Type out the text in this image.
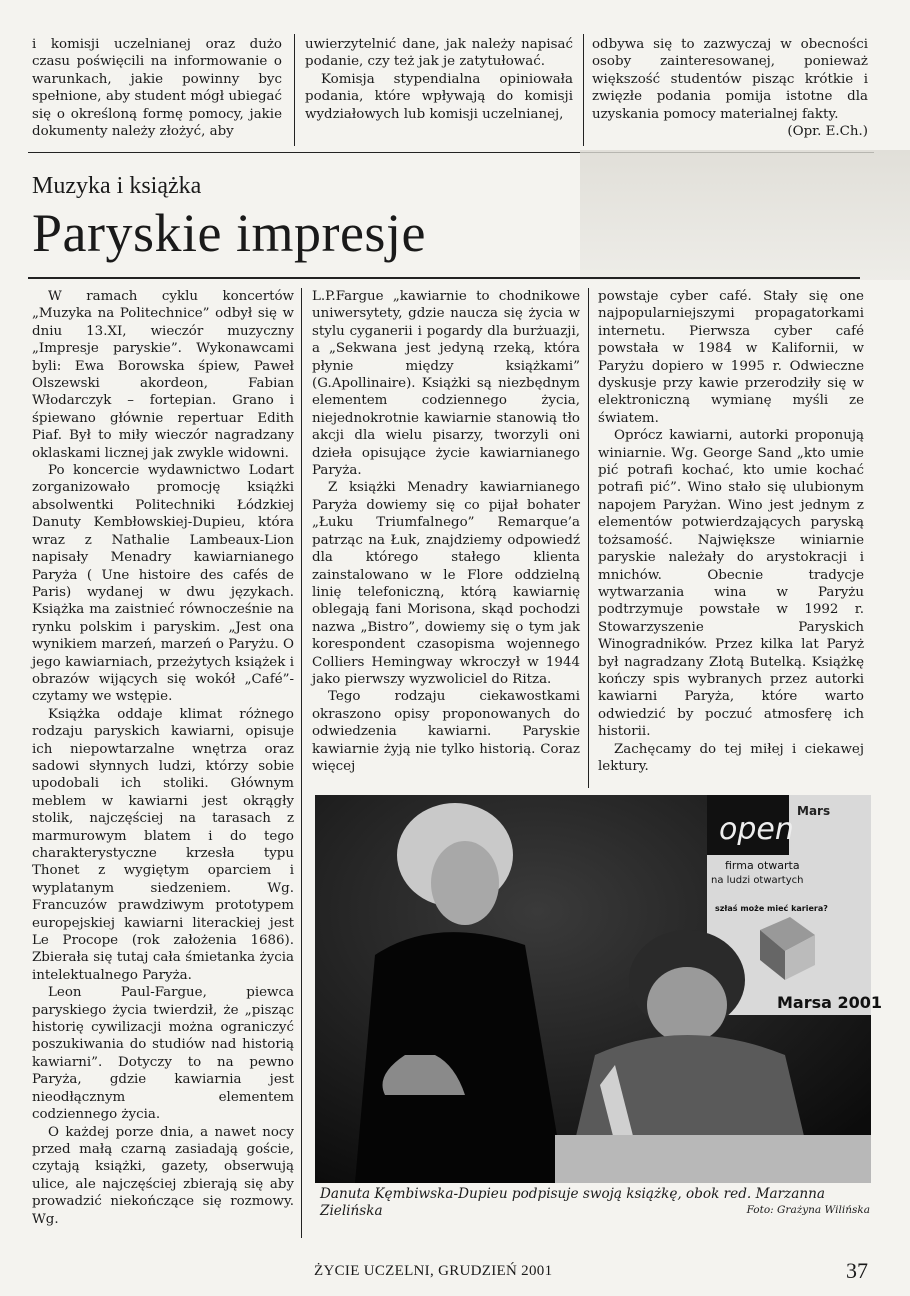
i komisji uczelnianej oraz dużo czasu poświęcili na informowanie o warunkach, jakie powinny byc spełnione, aby student mógł ubiegać się o określoną formę pomocy, jakie dokumenty należy złożyć, aby

uwierzytelnić dane, jak należy napisać podanie, czy też jak je zatytułować.

Komisja stypendialna opiniowała podania, które wpływają do komisji wydziałowych lub komisji uczelnianej,

odbywa się to zazwyczaj w obecności osoby zainteresowanej, ponieważ większość studentów pisząc krótkie i zwięzłe podania pomija istotne dla uzyskania pomocy materialnej fakty.

(Opr. E.Ch.)

Muzyka i książka
Paryskie impresje

W ramach cyklu koncertów „Muzyka na Politechnice” odbył się w dniu 13.XI, wieczór muzyczny „Impresje paryskie”. Wykonawcami byli: Ewa Borowska śpiew, Paweł Olszewski akordeon, Fabian Włodarczyk – fortepian. Grano i śpiewano głównie repertuar Edith Piaf. Był to miły wieczór nagradzany oklaskami licznej jak zwykle widowni.

Po koncercie wydawnictwo Lodart zorganizowało promocję książki absolwentki Politechniki Łódzkiej Danuty Kembłowskiej-Dupieu, która wraz z Nathalie Lambeaux-Lion napisały Menadry kawiarnianego Paryża ( Une histoire des cafés de Paris) wydanej w dwu językach. Książka ma zaistnieć równocześnie na rynku polskim i paryskim. „Jest ona wynikiem marzeń, marzeń o Paryżu. O jego kawiarniach, przeżytych książek i obrazów wijących się wokół „Café”- czytamy we wstępie.

Książka oddaje klimat różnego rodzaju paryskich kawiarni, opisuje ich niepowtarzalne wnętrza oraz sadowi słynnych ludzi, którzy sobie upodobali ich stoliki. Głównym meblem w kawiarni jest okrągły stolik, najczęściej na tarasach z marmurowym blatem i do tego charakterystyczne krzesła typu Thonet z wygiętym oparciem i wyplatanym siedzeniem. Wg. Francuzów prawdziwym prototypem europejskiej kawiarni literackiej jest Le Procope (rok założenia 1686). Zbierała się tutaj cała śmietanka życia intelektualnego Paryża.

Leon Paul-Fargue, piewca paryskiego życia twierdził, że „pisząc historię cywilizacji można ograniczyć poszukiwania do studiów nad historią kawiarni”. Dotyczy to na pewno Paryża, gdzie kawiarnia jest nieodłącznym elementem codziennego życia.

O każdej porze dnia, a nawet nocy przed małą czarną zasiadają goście, czytają książki, gazety, obserwują ulice, ale najczęściej zbierają się aby prowadzić niekończące się rozmowy. Wg.

L.P.Fargue „kawiarnie to chodnikowe uniwersytety, gdzie naucza się życia w stylu cyganerii i pogardy dla burżuazji, a „Sekwana jest jedyną rzeką, która płynie między książkami” (G.Apollinaire). Książki są niezbędnym elementem codziennego życia, niejednokrotnie kawiarnie stanowią tło akcji dla wielu pisarzy, tworzyli oni dzieła opisujące życie kawiarnianego Paryża.

Z książki Menadry kawiarnianego Paryża dowiemy się co pijał bohater „Łuku Triumfalnego” Remarque’a patrząc na Łuk, znajdziemy odpowiedź dla którego stałego klienta zainstalowano w le Flore oddzielną linię telefoniczną, którą kawiarnię oblegają fani Morisona, skąd pochodzi nazwa „Bistro”, dowiemy się o tym jak korespondent czasopisma wojennego Colliers Hemingway wkroczył w 1944 jako pierwszy wyzwoliciel do Ritza.

Tego rodzaju ciekawostkami okraszono opisy proponowanych do odwiedzenia kawiarni. Paryskie kawiarnie żyją nie tylko historią. Coraz więcej

powstaje cyber café. Stały się one najpopularniejszymi propagatorkami internetu. Pierwsza cyber café powstała w 1984 w Kalifornii, w Paryżu dopiero w 1995 r. Odwieczne dyskusje przy kawie przerodziły się w elektroniczną wymianę myśli ze światem.

Oprócz kawiarni, autorki proponują winiarnie. Wg. George Sand „kto umie pić potrafi kochać, kto umie kochać potrafi pić”. Wino stało się ulubionym napojem Paryżan. Wino jest jednym z elementów potwierdzających paryską tożsamość. Największe winiarnie paryskie należały do arystokracji i mnichów. Obecnie tradycje wytwarzania wina w Paryżu podtrzymuje powstałe w 1992 r. Stowarzyszenie Paryskich Winogradników. Przez kilka lat Paryż był nagradzany Złotą Butelką. Książkę kończy spis wybranych przez autorki kawiarni Paryża, które warto odwiedzić by poczuć atmosferę ich historii.

Zachęcamy do tej miłej i ciekawej lektury.

open
Mars
firma otwarta
na ludzi otwartych
szłaś może mieć kariera?
Marsa 2001
Danuta Kęmbiwska-Dupieu podpisuje swoją książkę, obok red. Marzanna Zielińska	Foto: Grażyna Wilińska
ŻYCIE UCZELNI, GRUDZIEŃ 2001	37
